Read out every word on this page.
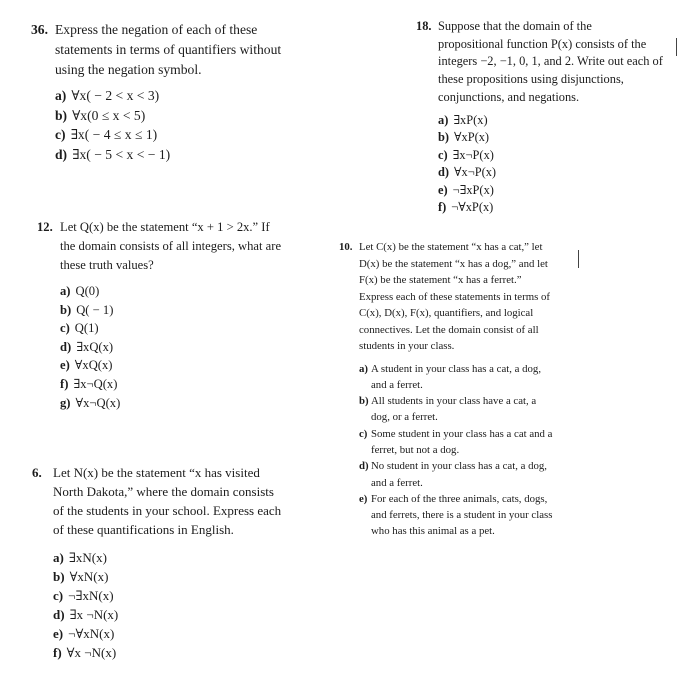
36. Express the negation of each of these
statements in terms of quantifiers without
using the negation symbol.
a) ∀x( − 2 < x < 3)
b) ∀x(0 ≤ x < 5)
c) ∃x( − 4 ≤ x ≤ 1)
d) ∃x( − 5 < x < − 1)
18. Suppose that the domain of the
propositional function P(x) consists of the
integers −2, −1, 0, 1, and 2. Write out each of
these propositions using disjunctions,
conjunctions, and negations.
a) ∃xP(x)
b) ∀xP(x)
c) ∃x¬P(x)
d) ∀x¬P(x)
e) ¬∃xP(x)
f) ¬∀xP(x)
12. Let Q(x) be the statement “x + 1 > 2x.” If
the domain consists of all integers, what are
these truth values?
a) Q(0)
b) Q( − 1)
c) Q(1)
d) ∃xQ(x)
e) ∀xQ(x)
f) ∃x¬Q(x)
g) ∀x¬Q(x)
10. Let C(x) be the statement “x has a cat,” let
D(x) be the statement “x has a dog,” and let
F(x) be the statement “x has a ferret.”
Express each of these statements in terms of
C(x), D(x), F(x), quantifiers, and logical
connectives. Let the domain consist of all
students in your class.
a) A student in your class has a cat, a dog,
and a ferret.
b) All students in your class have a cat, a
dog, or a ferret.
c) Some student in your class has a cat and a
ferret, but not a dog.
d) No student in your class has a cat, a dog,
and a ferret.
e) For each of the three animals, cats, dogs,
and ferrets, there is a student in your class
who has this animal as a pet.
6. Let N(x) be the statement “x has visited
North Dakota,” where the domain consists
of the students in your school. Express each
of these quantifications in English.
a) ∃xN(x)
b) ∀xN(x)
c) ¬∃xN(x)
d) ∃x ¬N(x)
e) ¬∀xN(x)
f) ∀x ¬N(x)
